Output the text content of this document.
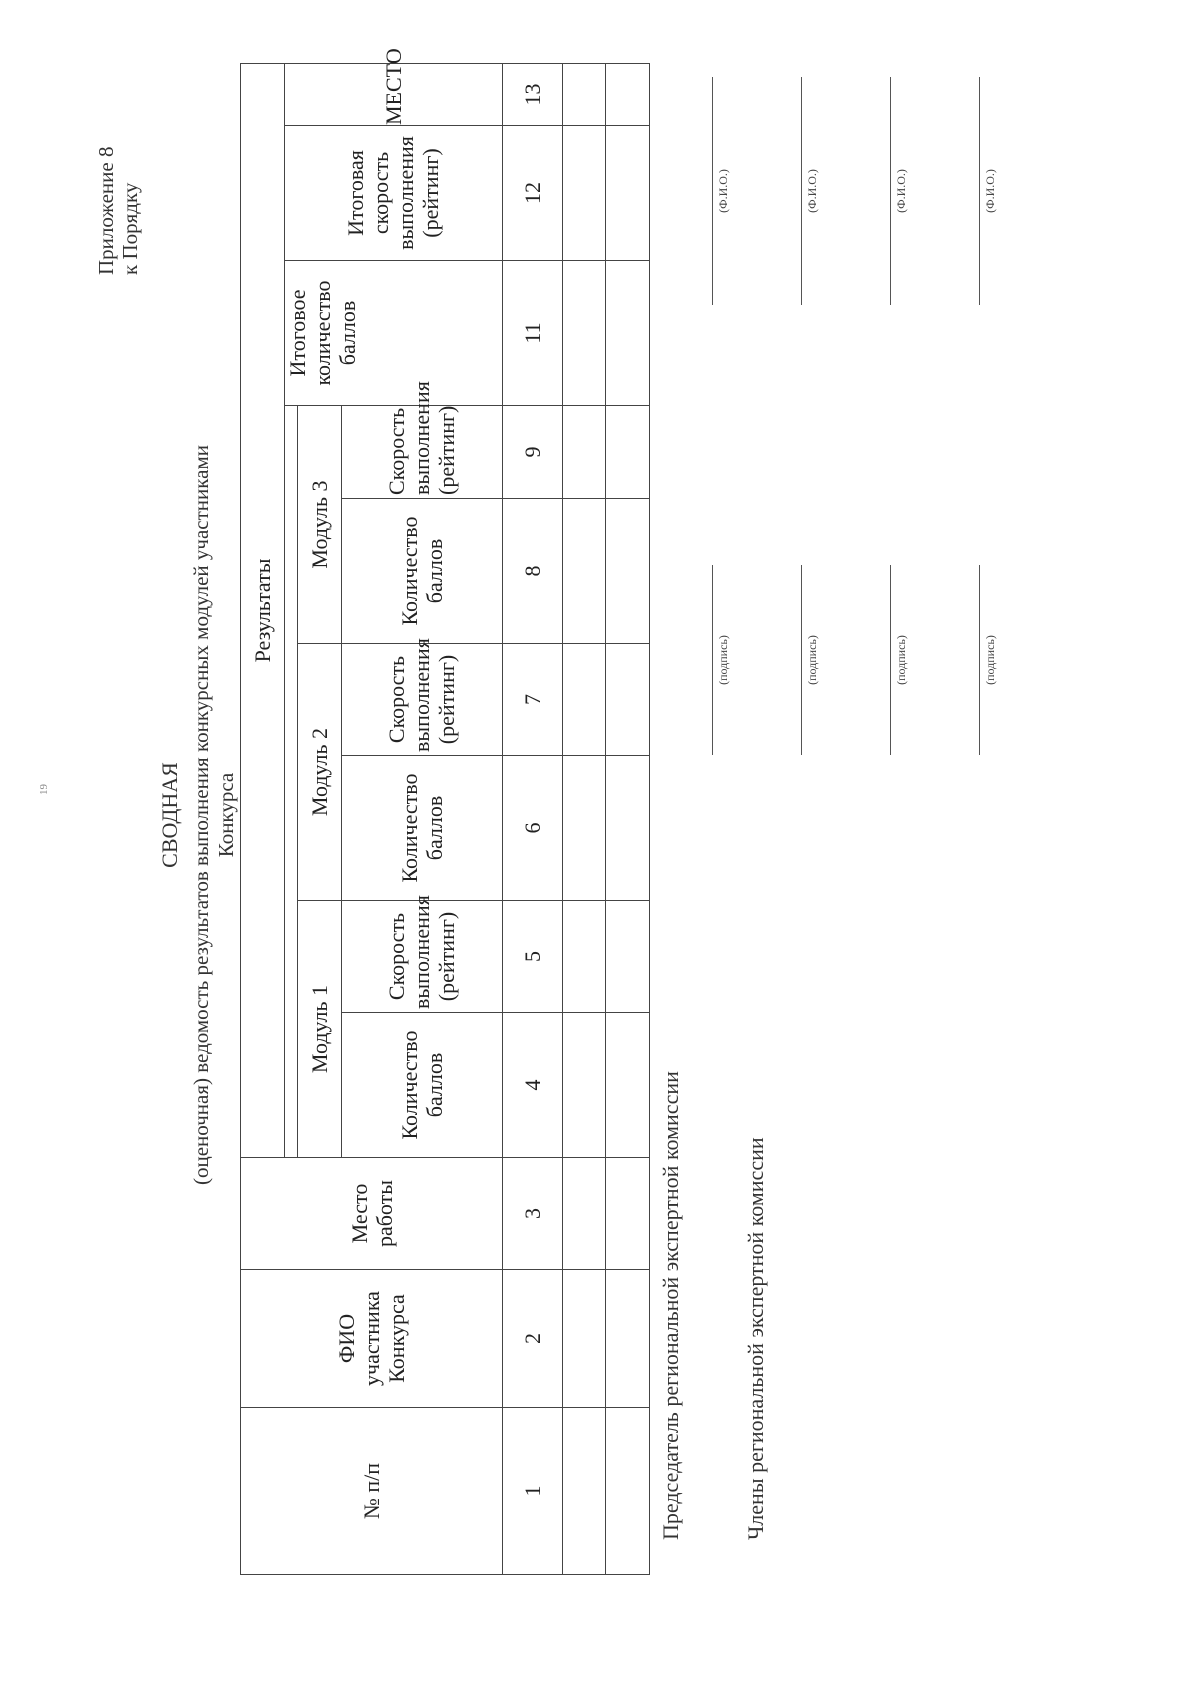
19
Приложение 8 к Порядку
СВОДНАЯ (оценочная) ведомость результатов выполнения конкурсных модулей участниками Конкурса
№ п/п	ФИО участника Конкурса	Место работы	Результаты								
									Итоговое количество баллов	Итоговая скорость выполнения (рейтинг)	МЕСТО
			Модуль 1		Модуль 2		Модуль 3				
			Количество баллов	Скорость выполнения (рейтинг)	Количество баллов	Скорость выполнения (рейтинг)	Количество баллов	Скорость выполнения (рейтинг)			
1	2	3	4	5	6	7	8	9	11	12	13

Председатель региональной экспертной комиссии	Члены региональной экспертной комиссии
(подпись)
(Ф.И.О.)
(подпись)
(Ф.И.О.)
(подпись)
(Ф.И.О.)
(подпись)
(Ф.И.О.)
